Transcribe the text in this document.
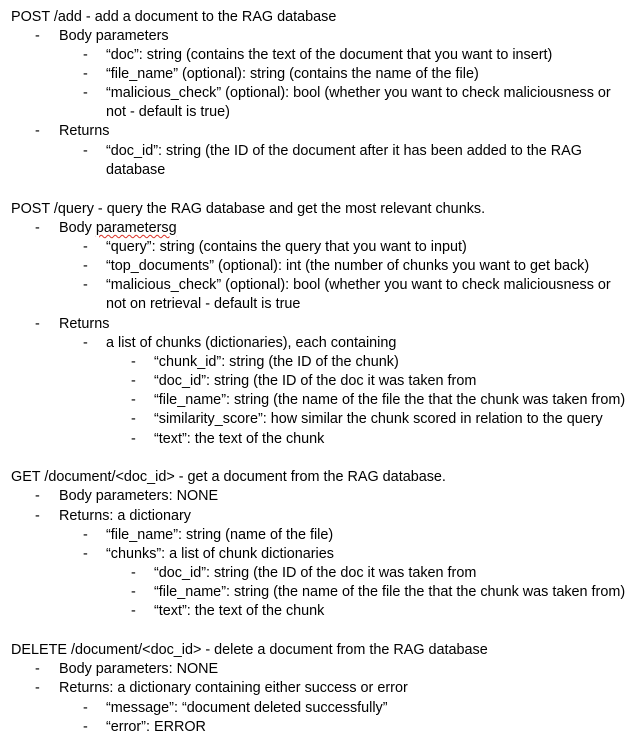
POST /add - add a document to the RAG database
- Body parameters
- “doc”: string (contains the text of the document that you want to insert)
- “file_name” (optional): string (contains the name of the file)
- “malicious_check” (optional): bool (whether you want to check maliciousness or
not - default is true)
- Returns
- “doc_id”: string (the ID of the document after it has been added to the RAG
database
POST /query - query the RAG database and get the most relevant chunks.
- Body parametersg
- “query”: string (contains the query that you want to input)
- “top_documents” (optional): int (the number of chunks you want to get back)
- “malicious_check” (optional): bool (whether you want to check maliciousness or
not on retrieval - default is true
- Returns
- a list of chunks (dictionaries), each containing
- “chunk_id”: string (the ID of the chunk)
- “doc_id”: string (the ID of the doc it was taken from
- “file_name”: string (the name of the file the that the chunk was taken from)
- “similarity_score”: how similar the chunk scored in relation to the query
- “text”: the text of the chunk
GET /document/<doc_id> - get a document from the RAG database.
- Body parameters: NONE
- Returns: a dictionary
- “file_name”: string (name of the file)
- “chunks”: a list of chunk dictionaries
- “doc_id”: string (the ID of the doc it was taken from
- “file_name”: string (the name of the file the that the chunk was taken from)
- “text”: the text of the chunk
DELETE /document/<doc_id> - delete a document from the RAG database
- Body parameters: NONE
- Returns: a dictionary containing either success or error
- “message”: “document deleted successfully”
- “error”: ERROR
